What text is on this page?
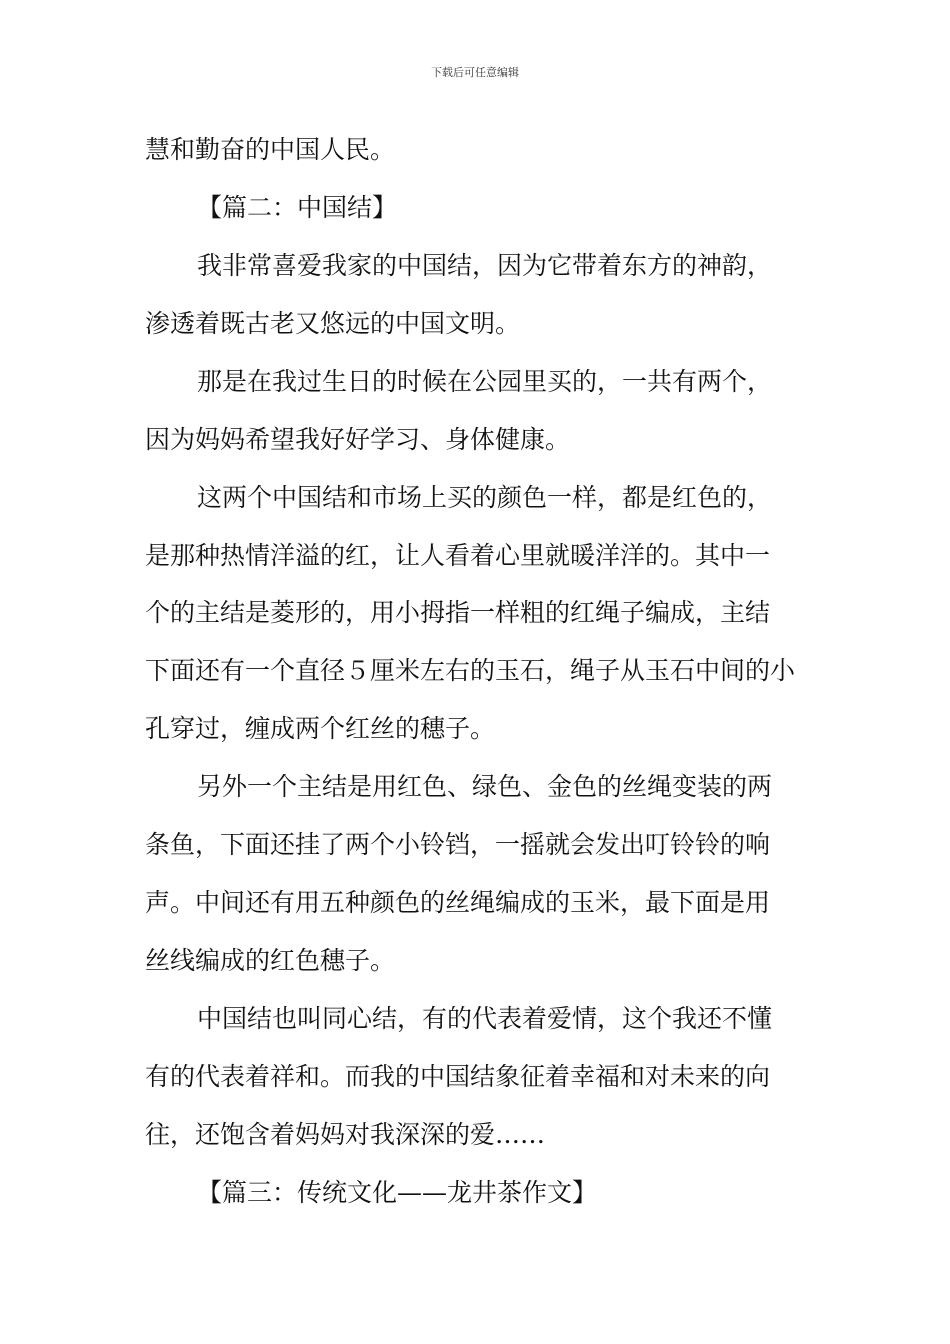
下载后可任意编辑
慧和勤奋的中国人民。
【篇二：中国结】
我非常喜爱我家的中国结，因为它带着东方的神韵，
渗透着既古老又悠远的中国文明。
那是在我过生日的时候在公园里买的，一共有两个，
因为妈妈希望我好好学习、身体健康。
这两个中国结和市场上买的颜色一样，都是红色的，
是那种热情洋溢的红，让人看着心里就暖洋洋的。其中一
个的主结是菱形的，用小拇指一样粗的红绳子编成，主结
下面还有一个直径５厘米左右的玉石，绳子从玉石中间的小
孔穿过，缠成两个红丝的穗子。
另外一个主结是用红色、绿色、金色的丝绳变装的两
条鱼，下面还挂了两个小铃铛，一摇就会发出叮铃铃的响
声。中间还有用五种颜色的丝绳编成的玉米，最下面是用
丝线编成的红色穗子。
中国结也叫同心结，有的代表着爱情，这个我还不懂
有的代表着祥和。而我的中国结象征着幸福和对未来的向
往，还饱含着妈妈对我深深的爱……
【篇三：传统文化——龙井茶作文】
